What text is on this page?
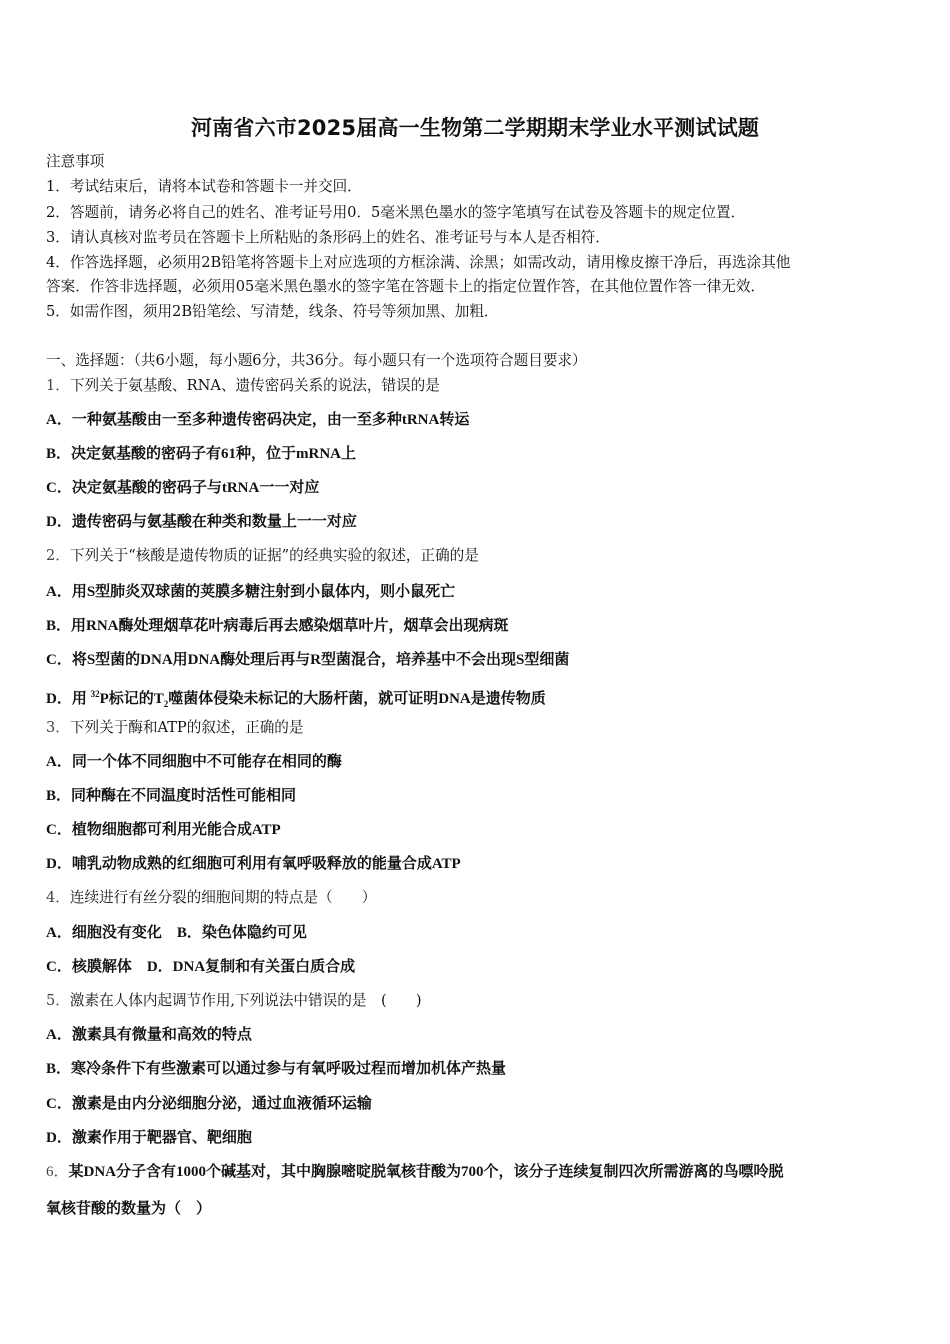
河南省六市2025届高一生物第二学期期末学业水平测试试题
注意事项
1．考试结束后，请将本试卷和答题卡一并交回．
2．答题前，请务必将自己的姓名、准考证号用0．5毫米黑色墨水的签字笔填写在试卷及答题卡的规定位置．
3．请认真核对监考员在答题卡上所粘贴的条形码上的姓名、准考证号与本人是否相符．
4．作答选择题，必须用2B铅笔将答题卡上对应选项的方框涂满、涂黑；如需改动，请用橡皮擦干净后，再选涂其他
答案．作答非选择题，必须用05毫米黑色墨水的签字笔在答题卡上的指定位置作答，在其他位置作答一律无效．
5．如需作图，须用2B铅笔绘、写清楚，线条、符号等须加黑、加粗．
一、选择题：（共6小题，每小题6分，共36分。每小题只有一个选项符合题目要求）
1．下列关于氨基酸、RNA、遗传密码关系的说法，错误的是
A．一种氨基酸由一至多种遗传密码决定，由一至多种tRNA转运
B．决定氨基酸的密码子有61种，位于mRNA上
C．决定氨基酸的密码子与tRNA一一对应
D．遗传密码与氨基酸在种类和数量上一一对应
2．下列关于“核酸是遗传物质的证据”的经典实验的叙述，正确的是
A．用S型肺炎双球菌的荚膜多糖注射到小鼠体内，则小鼠死亡
B．用RNA酶处理烟草花叶病毒后再去感染烟草叶片，烟草会出现病斑
C．将S型菌的DNA用DNA酶处理后再与R型菌混合，培养基中不会出现S型细菌
D．用 $^{32}$P标记的$T_2$噬菌体侵染未标记的大肠杆菌，就可证明DNA是遗传物质
3．下列关于酶和ATP的叙述，正确的是
A．同一个体不同细胞中不可能存在相同的酶
B．同种酶在不同温度时活性可能相同
C．植物细胞都可利用光能合成ATP
D．哺乳动物成熟的红细胞可利用有氧呼吸释放的能量合成ATP
4．连续进行有丝分裂的细胞间期的特点是（　　）
A．细胞没有变化　B．染色体隐约可见
C．核膜解体　D．DNA复制和有关蛋白质合成
5．激素在人体内起调节作用,下列说法中错误的是　(　　)
A．激素具有微量和高效的特点
B．寒冷条件下有些激素可以通过参与有氧呼吸过程而增加机体产热量
C．激素是由内分泌细胞分泌，通过血液循环运输
D．激素作用于靶器官、靶细胞
6．某DNA分子含有1000个碱基对，其中胸腺嘧啶脱氧核苷酸为700个，该分子连续复制四次所需游离的鸟嘌呤脱
氧核苷酸的数量为（　）
